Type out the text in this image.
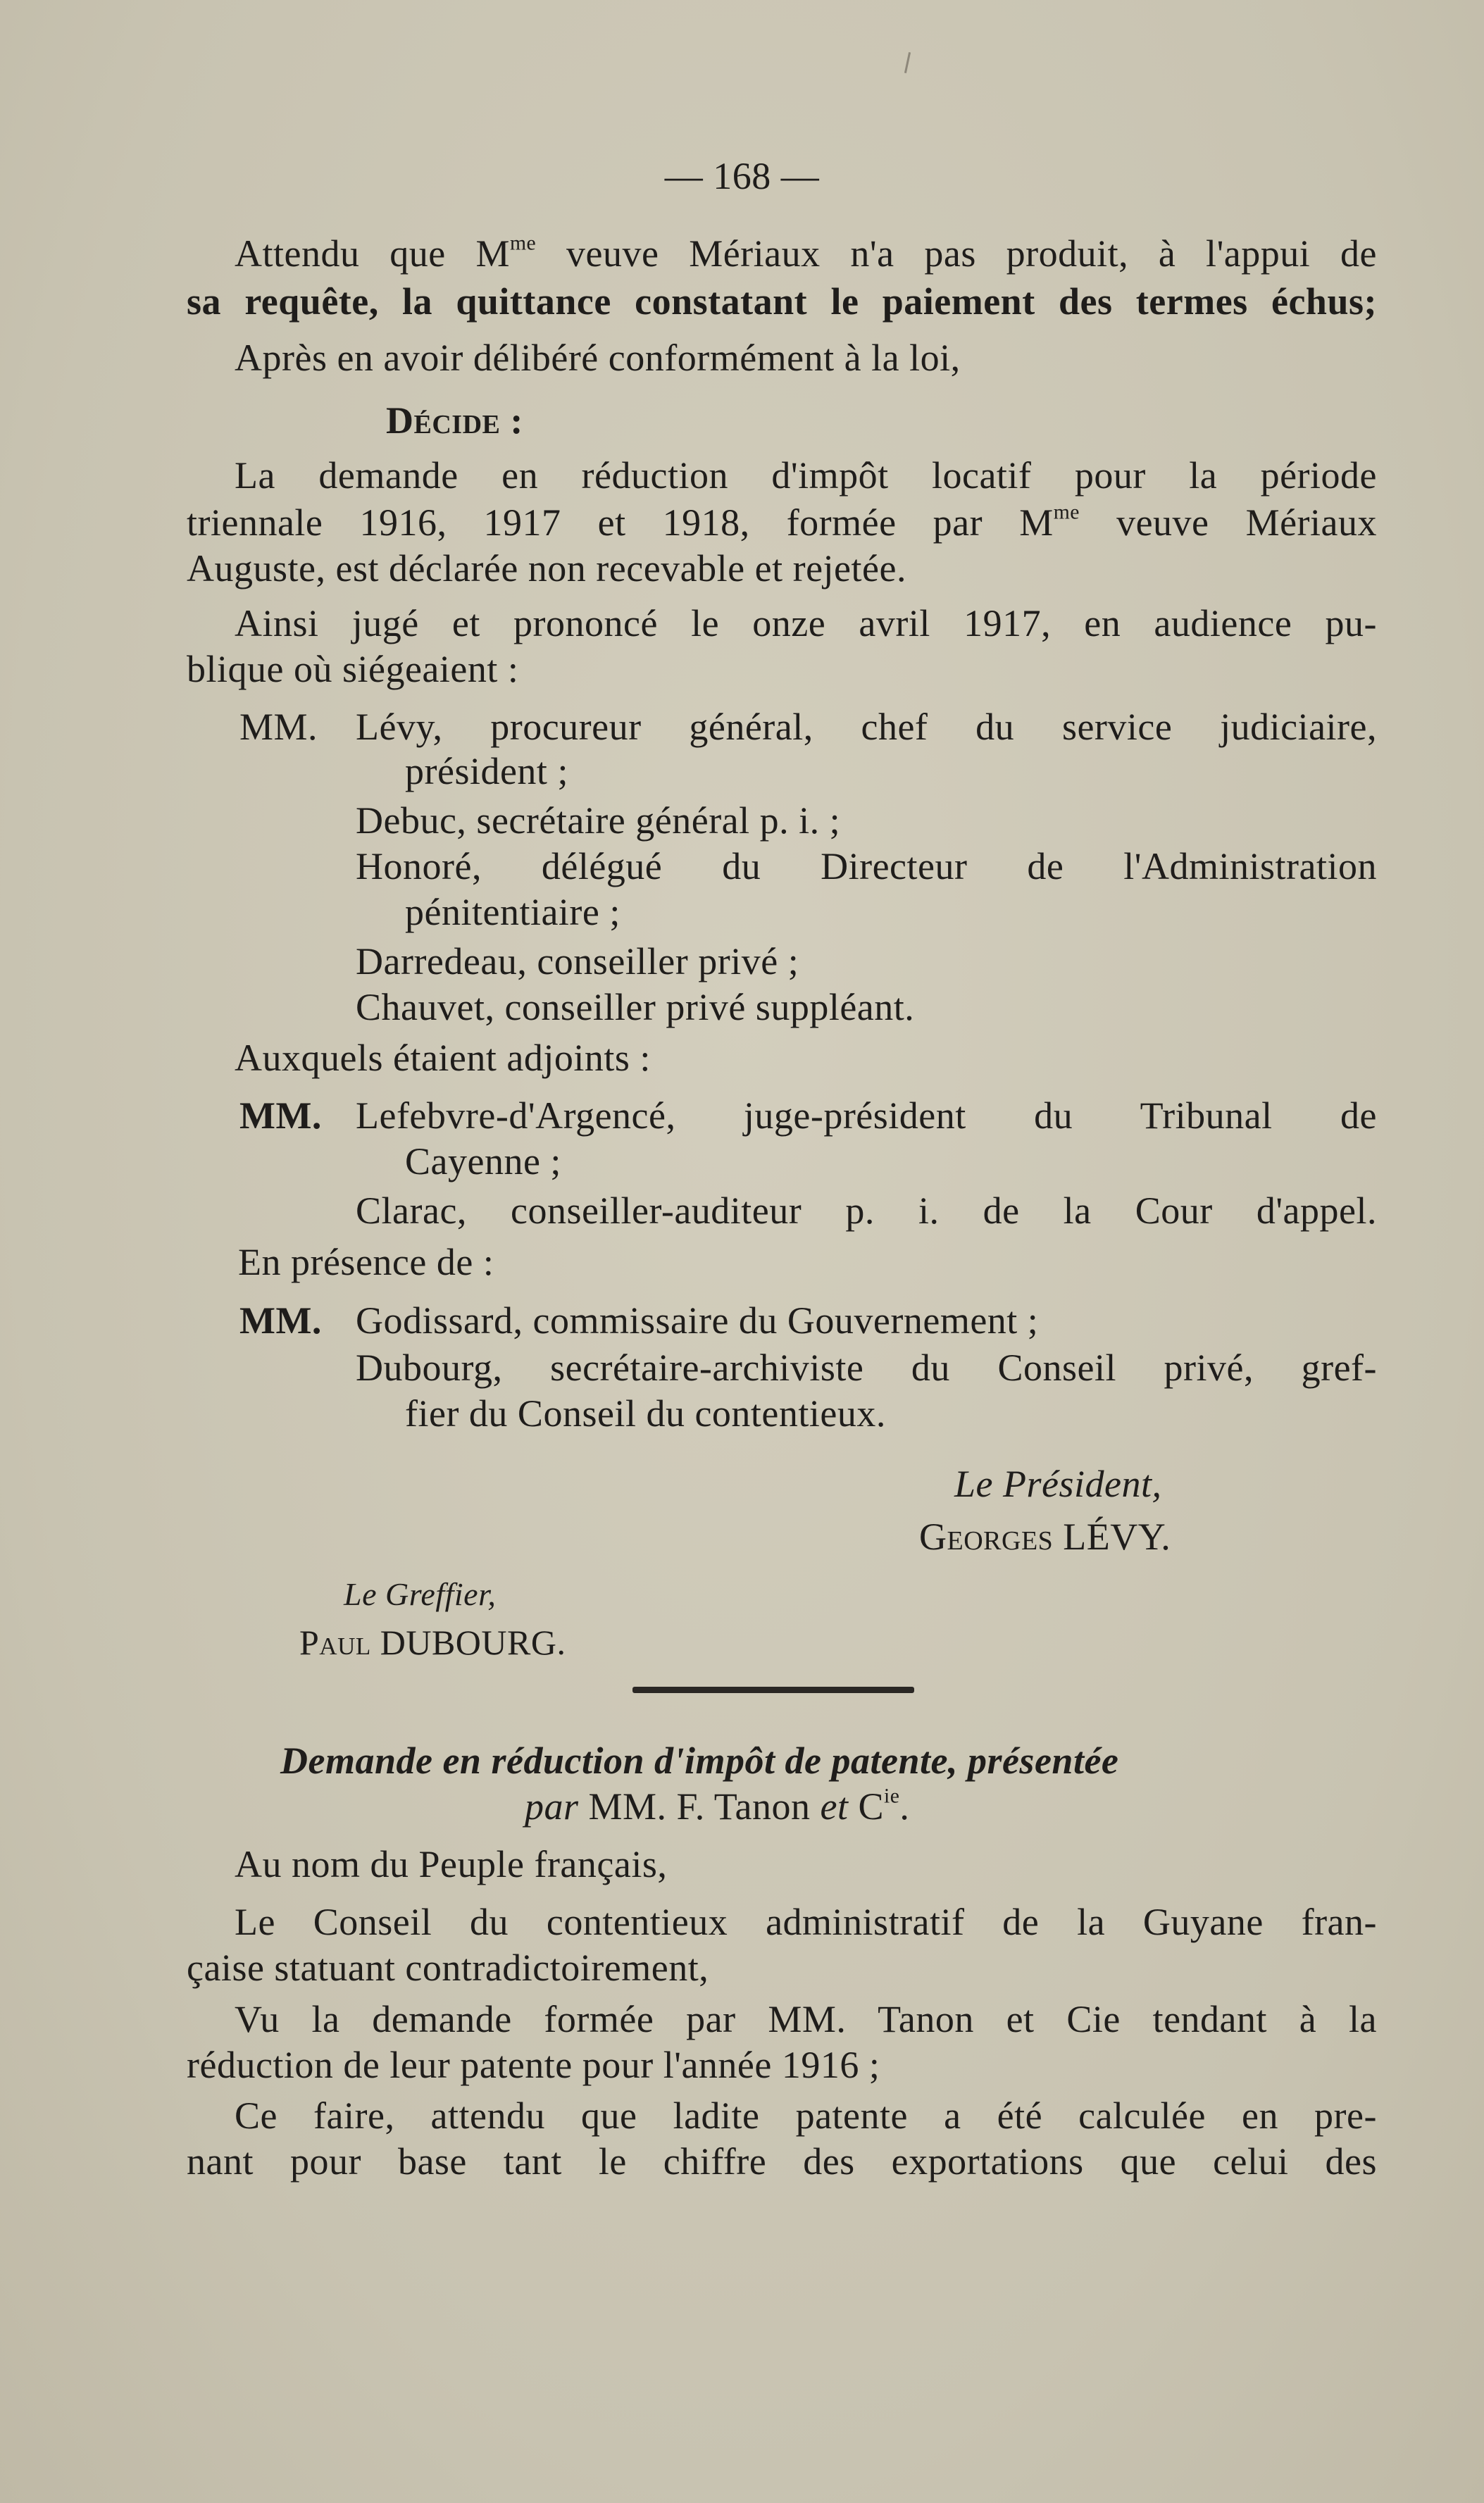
— 168 —
Attendu que $M^{me}$ veuve Mériaux n'a pas produit, à l'appui de
sa requête, la quittance constatant le paiement des termes échus;
Après en avoir délibéré conformément à la loi,
Décide :
La demande en réduction d'impôt locatif pour la période
triennale 1916, 1917 et 1918, formée par $M^{me}$ veuve Mériaux
Auguste, est déclarée non recevable et rejetée.
Ainsi jugé et prononcé le onze avril 1917, en audience pu-
blique où siégeaient :
MM. Lévy, procureur général, chef du service judiciaire,
président ;
Debuc, secrétaire général p. i. ;
Honoré, délégué du Directeur de l'Administration
pénitentiaire ;
Darredeau, conseiller privé ;
Chauvet, conseiller privé suppléant.
Auxquels étaient adjoints :
MM. Lefebvre-d'Argencé, juge-président du Tribunal de
Cayenne ;
Clarac, conseiller-auditeur p. i. de la Cour d'appel.
En présence de :
MM. Godissard, commissaire du Gouvernement ;
Dubourg, secrétaire-archiviste du Conseil privé, gref-
fier du Conseil du contentieux.
Le Président,
Georges LÉVY.
Le Greffier,
Paul DUBOURG.
Demande en réduction d'impôt de patente, présentée
par MM. F. Tanon et $C^{ie}$.
Au nom du Peuple français,
Le Conseil du contentieux administratif de la Guyane fran-
çaise statuant contradictoirement,
Vu la demande formée par MM. Tanon et Cie tendant à la
réduction de leur patente pour l'année 1916 ;
Ce faire, attendu que ladite patente a été calculée en pre-
nant pour base tant le chiffre des exportations que celui des
